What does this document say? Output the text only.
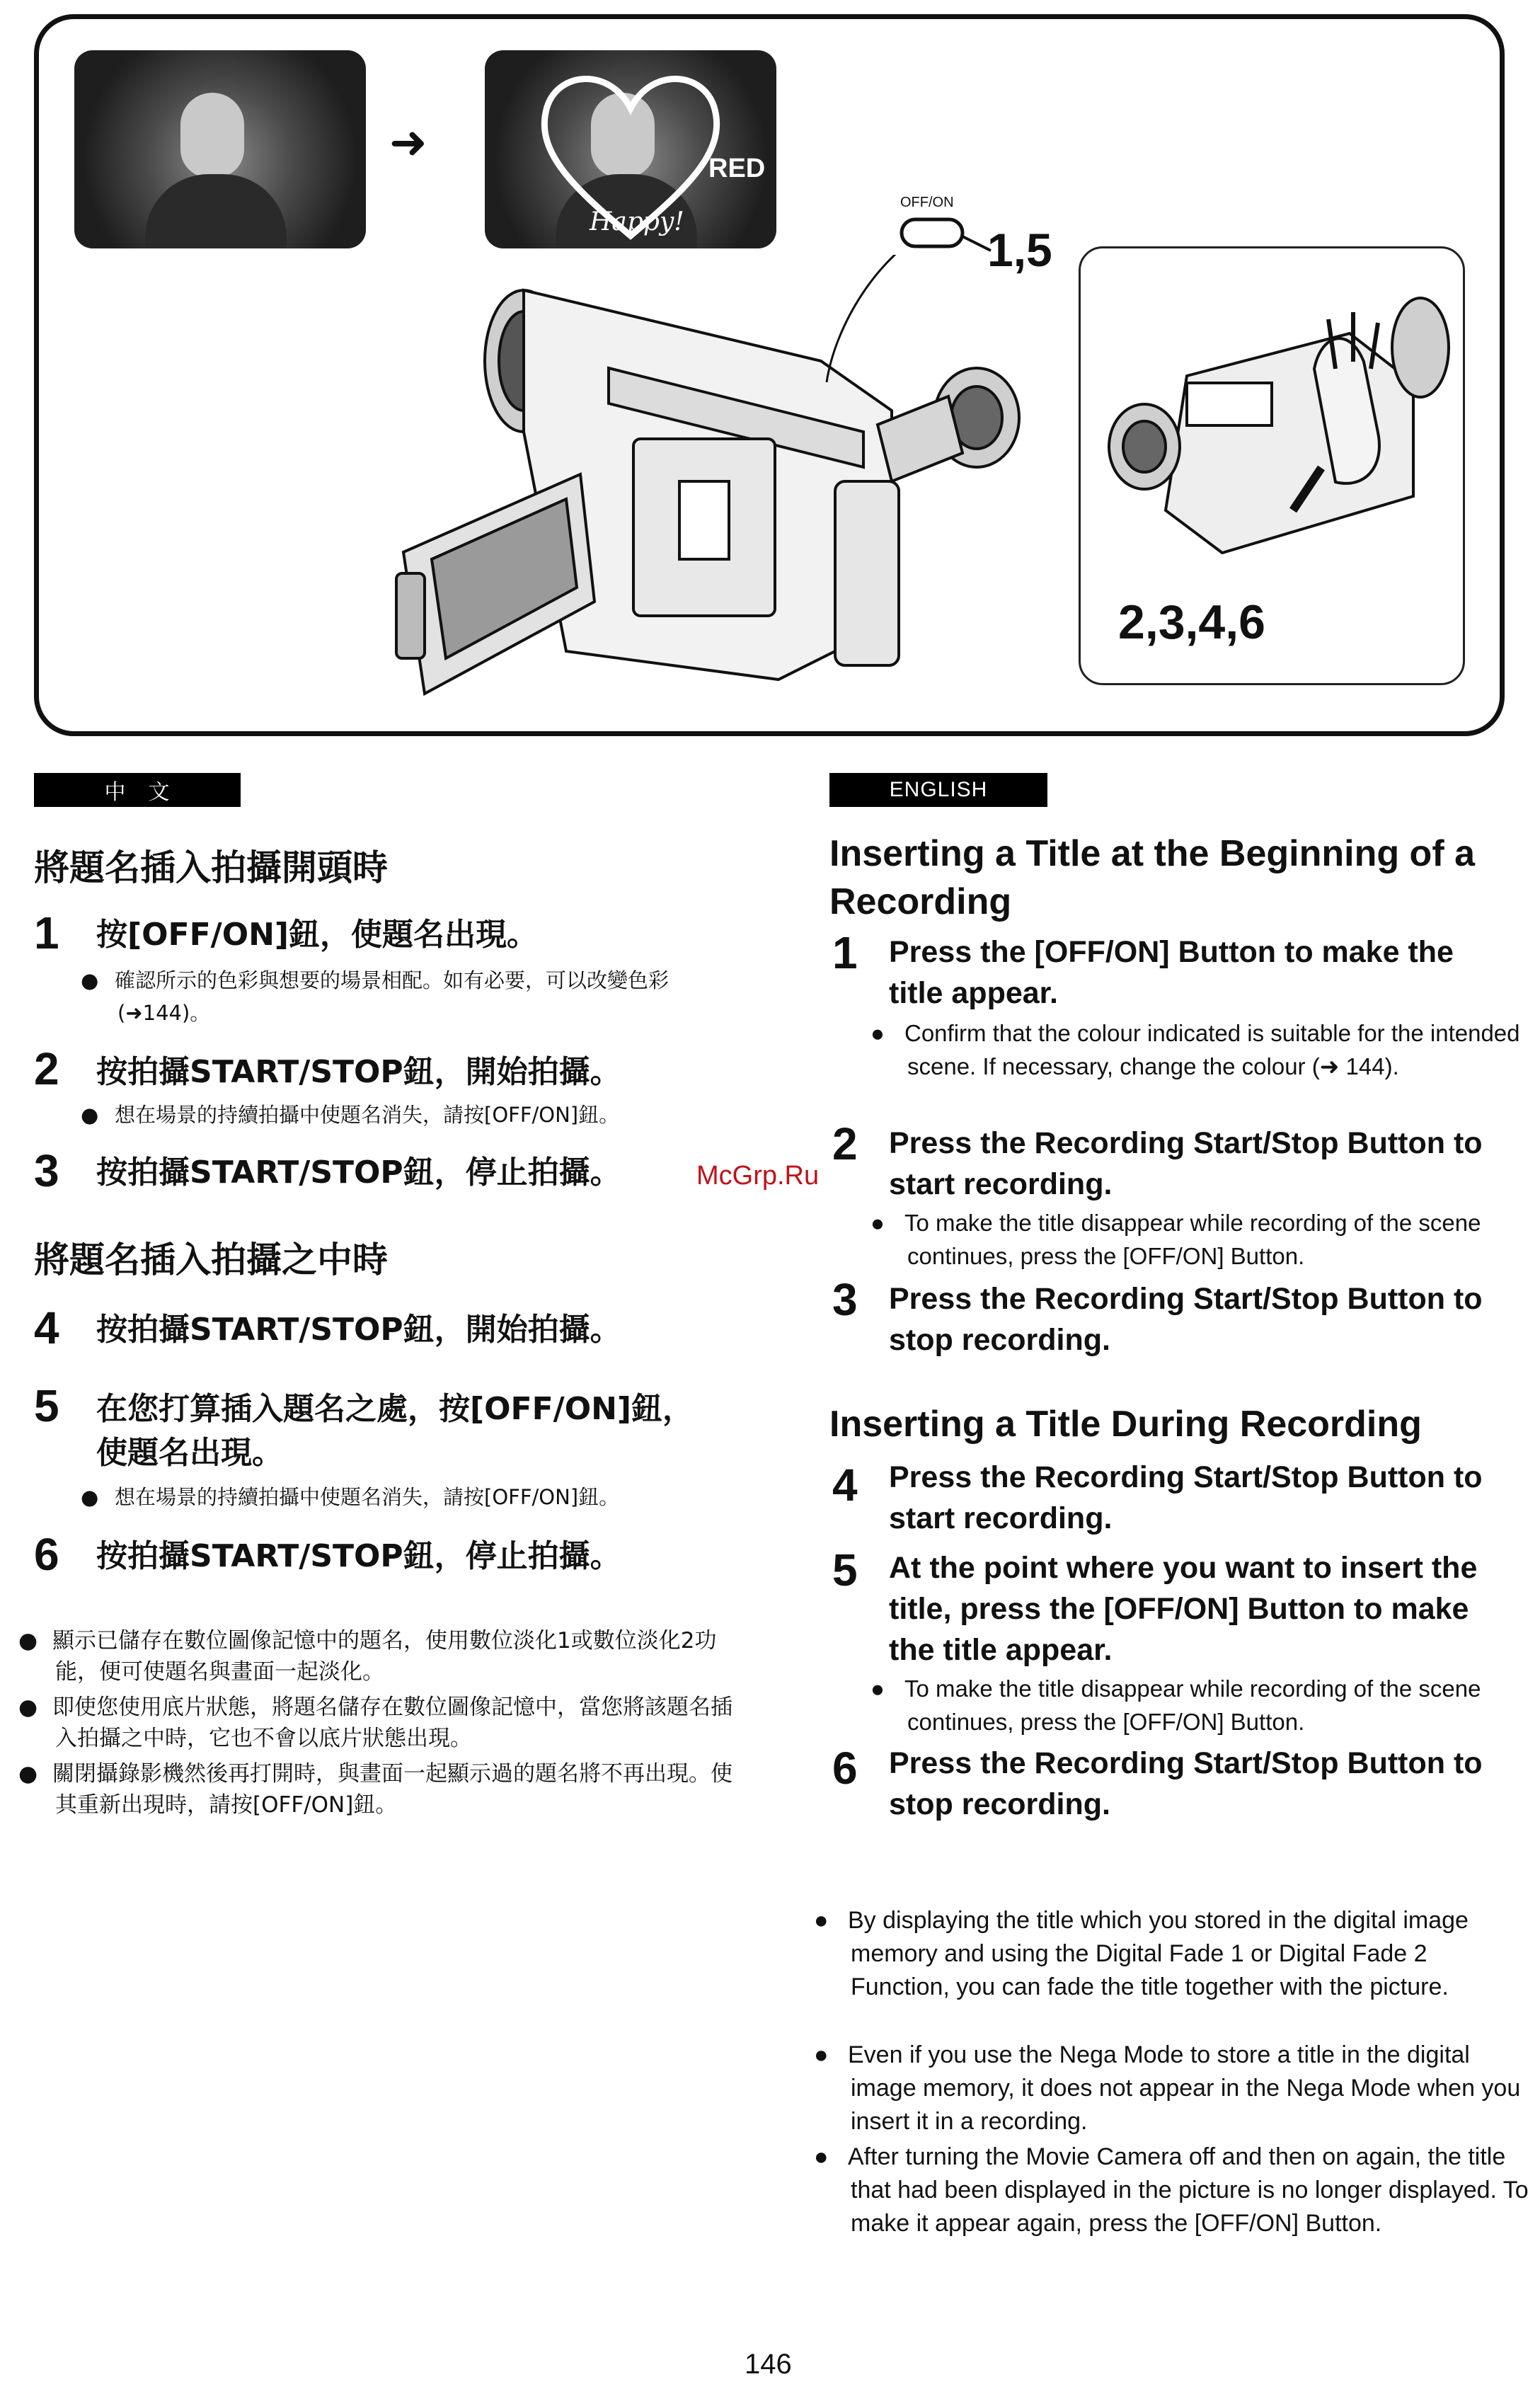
RED
Happy!
➜
OFF/ON
1,5
2,3,4,6
中　文	ENGLISH
將題名插入拍攝開頭時
1 按[OFF/ON]鈕，使題名出現。
● 確認所示的色彩與想要的場景相配。如有必要，可以改變色彩(➜144)。
2 按拍攝START/STOP鈕，開始拍攝。
● 想在場景的持續拍攝中使題名消失，請按[OFF/ON]鈕。
3 按拍攝START/STOP鈕，停止拍攝。
將題名插入拍攝之中時
4 按拍攝START/STOP鈕，開始拍攝。
5 在您打算插入題名之處，按[OFF/ON]鈕，使題名出現。
● 想在場景的持續拍攝中使題名消失，請按[OFF/ON]鈕。
6 按拍攝START/STOP鈕，停止拍攝。
● 顯示已儲存在數位圖像記憶中的題名，使用數位淡化1或數位淡化2功能，便可使題名與畫面一起淡化。
● 即使您使用底片狀態，將題名儲存在數位圖像記憶中，當您將該題名插入拍攝之中時，它也不會以底片狀態出現。
● 關閉攝錄影機然後再打開時，與畫面一起顯示過的題名將不再出現。使其重新出現時，請按[OFF/ON]鈕。
McGrp.Ru
Inserting a Title at the Beginning of a Recording
1 Press the [OFF/ON] Button to make the title appear.
● Confirm that the colour indicated is suitable for the intended scene. If necessary, change the colour (➜ 144).
2 Press the Recording Start/Stop Button to start recording.
● To make the title disappear while recording of the scene continues, press the [OFF/ON] Button.
3 Press the Recording Start/Stop Button to stop recording.
Inserting a Title During Recording
4 Press the Recording Start/Stop Button to start recording.
5 At the point where you want to insert the title, press the [OFF/ON] Button to make the title appear.
● To make the title disappear while recording of the scene continues, press the [OFF/ON] Button.
6 Press the Recording Start/Stop Button to stop recording.
● By displaying the title which you stored in the digital image memory and using the Digital Fade 1 or Digital Fade 2 Function, you can fade the title together with the picture.
● Even if you use the Nega Mode to store a title in the digital image memory, it does not appear in the Nega Mode when you insert it in a recording.
● After turning the Movie Camera off and then on again, the title that had been displayed in the picture is no longer displayed. To make it appear again, press the [OFF/ON] Button.
146
